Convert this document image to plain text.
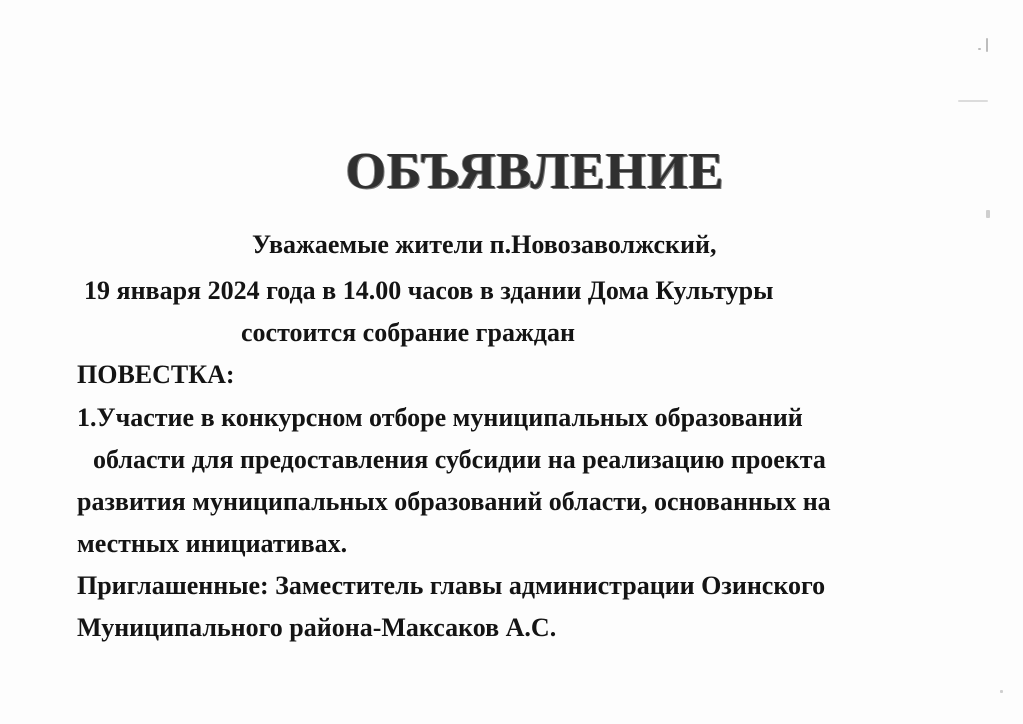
ОБЪЯВЛЕНИЕ
Уважаемые жители п.Новозаволжский,
19 января 2024 года в 14.00 часов в здании Дома Культуры
состоится собрание граждан
ПОВЕСТКА:
1.Участие в конкурсном отборе муниципальных образований
области для предоставления субсидии на реализацию проекта
развития муниципальных образований области, основанных на
местных инициативах.
Приглашенные: Заместитель главы администрации Озинского
Муниципального района-Максаков А.С.
